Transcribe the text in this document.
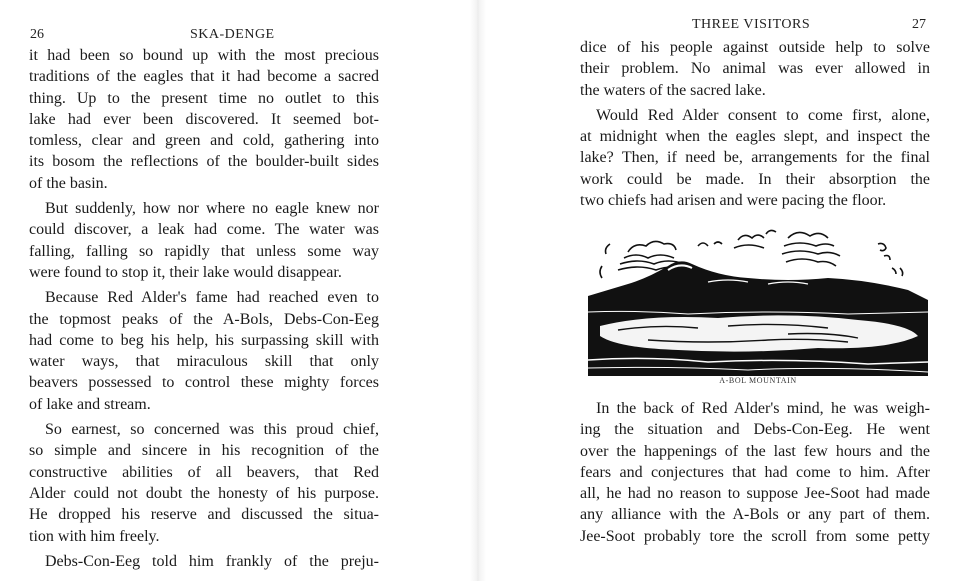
26	SKA-DENGE

it had been so bound up with the most precious
traditions of the eagles that it had become a sacred
thing. Up to the present time no outlet to this
lake had ever been discovered. It seemed bot-
tomless, clear and green and cold, gathering into
its bosom the reflections of the boulder-built sides
of the basin.

But suddenly, how nor where no eagle knew nor
could discover, a leak had come. The water was
falling, falling so rapidly that unless some way
were found to stop it, their lake would disappear.

Because Red Alder's fame had reached even to
the topmost peaks of the A-Bols, Debs-Con-Eeg
had come to beg his help, his surpassing skill with
water ways, that miraculous skill that only
beavers possessed to control these mighty forces
of lake and stream.

So earnest, so concerned was this proud chief,
so simple and sincere in his recognition of the
constructive abilities of all beavers, that Red
Alder could not doubt the honesty of his purpose.
He dropped his reserve and discussed the situa-
tion with him freely.

Debs-Con-Eeg told him frankly of the preju-

THREE VISITORS	27

dice of his people against outside help to solve
their problem. No animal was ever allowed in
the waters of the sacred lake.

Would Red Alder consent to come first, alone,
at midnight when the eagles slept, and inspect the
lake? Then, if need be, arrangements for the final
work could be made. In their absorption the
two chiefs had arisen and were pacing the floor.

A-BOL MOUNTAIN

In the back of Red Alder's mind, he was weigh-
ing the situation and Debs-Con-Eeg. He went
over the happenings of the last few hours and the
fears and conjectures that had come to him. After
all, he had no reason to suppose Jee-Soot had made
any alliance with the A-Bols or any part of them.
Jee-Soot probably tore the scroll from some petty
